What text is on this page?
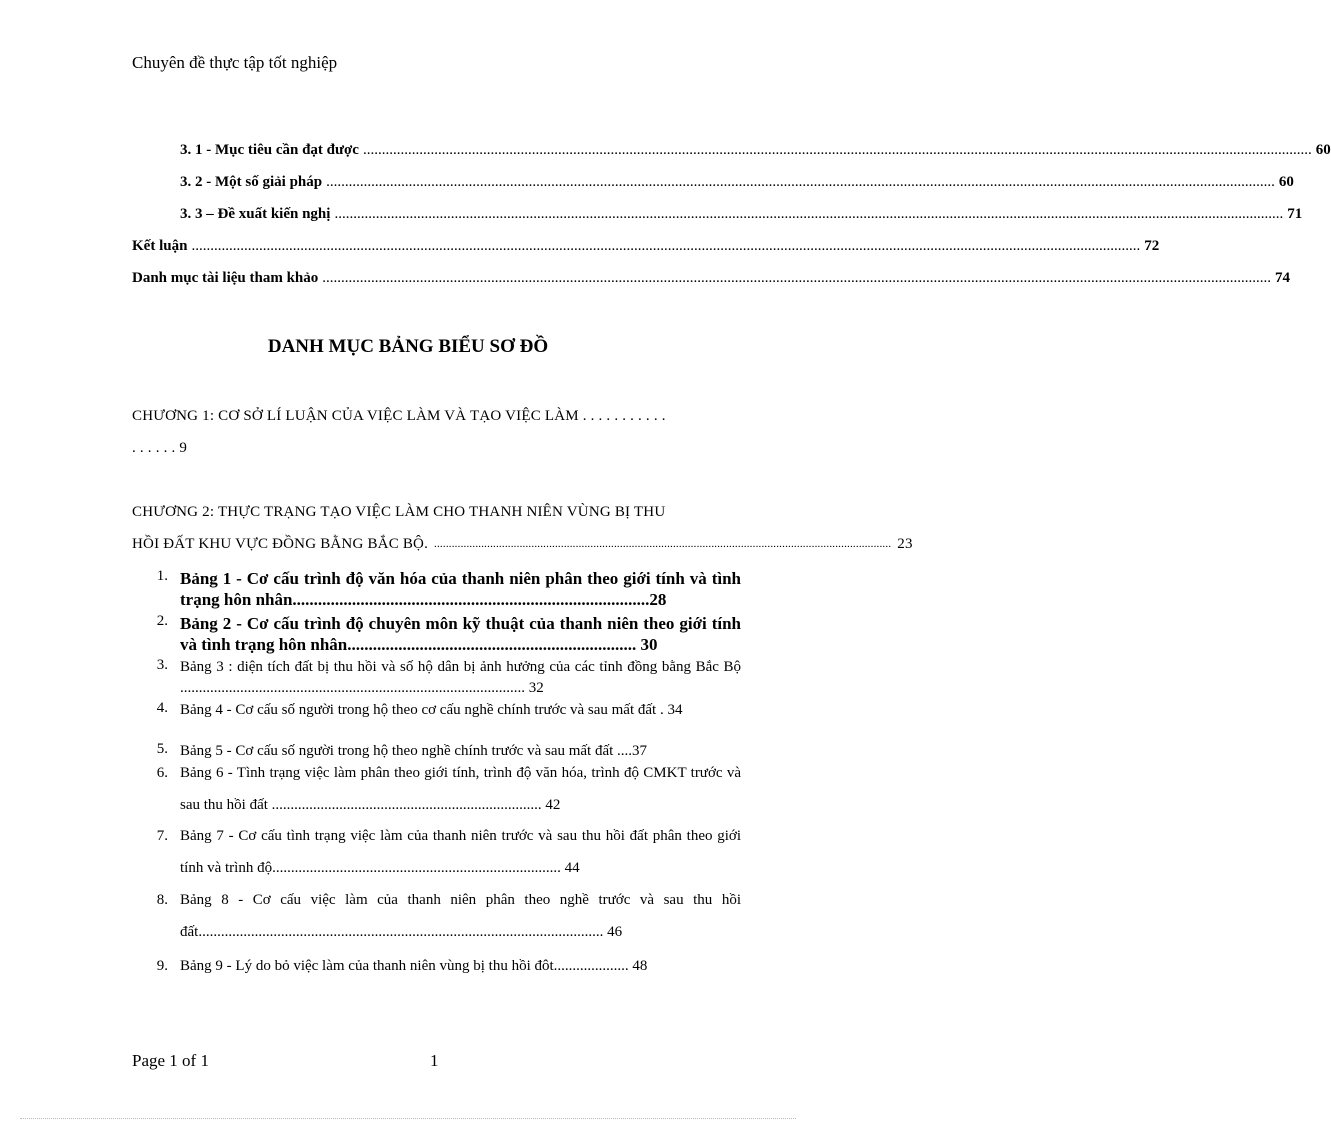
Chuyên đề thực tập tốt nghiệp
3. 1 - Mục tiêu cần đạt được .....	60
3. 2 - Một số giải pháp .....	60
3. 3 – Đề xuất kiến nghị .....	71
Kết luận .....	72
Danh mục tài liệu tham khảo .....	74
DANH MỤC BẢNG BIỂU SƠ ĐỒ
CHƯƠNG 1: CƠ SỞ LÍ LUẬN CỦA VIỆC LÀM VÀ TẠO VIỆC LÀM . . . . . . . . . . .
. . . . . . 9
CHƯƠNG 2: THỰC TRẠNG TẠO VIỆC LÀM CHO THANH NIÊN VÙNG BỊ THU
HỒI ĐẤT KHU VỰC ĐỒNG BẰNG BẮC BỘ. ........................................................................................................................................................... 23
1. Bảng 1 - Cơ cấu trình độ văn hóa của thanh niên phân theo giới tính và tình trạng hôn nhân....................................................................................28
2. Bảng 2 - Cơ cấu trình độ chuyên môn kỹ thuật của thanh niên theo giới tính và tình trạng hôn nhân.................................................................... 30
3. Bảng 3 : diện tích đất bị thu hồi và số hộ dân bị ảnh hưởng của các tỉnh đồng bằng Bắc Bộ ............................................................................................ 32
4. Bảng 4 - Cơ cấu số người trong hộ theo cơ cấu nghề chính trước và sau mất đất . 34
5. Bảng 5 - Cơ cấu số người trong hộ theo nghề chính trước và sau mất đất ....37
6. Bảng 6 - Tình trạng việc làm phân theo giới tính, trình độ văn hóa, trình độ CMKT trước và sau thu hồi đất ........................................................................ 42
7. Bảng 7 - Cơ cấu tình trạng việc làm của thanh niên trước và sau thu hồi đất phân theo giới tính và trình độ............................................................................. 44
8. Bảng 8 - Cơ cấu việc làm của thanh niên phân theo nghề trước và sau thu hồi đất............................................................................................................ 46
9. Bảng 9 - Lý do bỏ việc làm của thanh niên vùng bị thu hồi đôt.................... 48
Page 1 of 1	1
